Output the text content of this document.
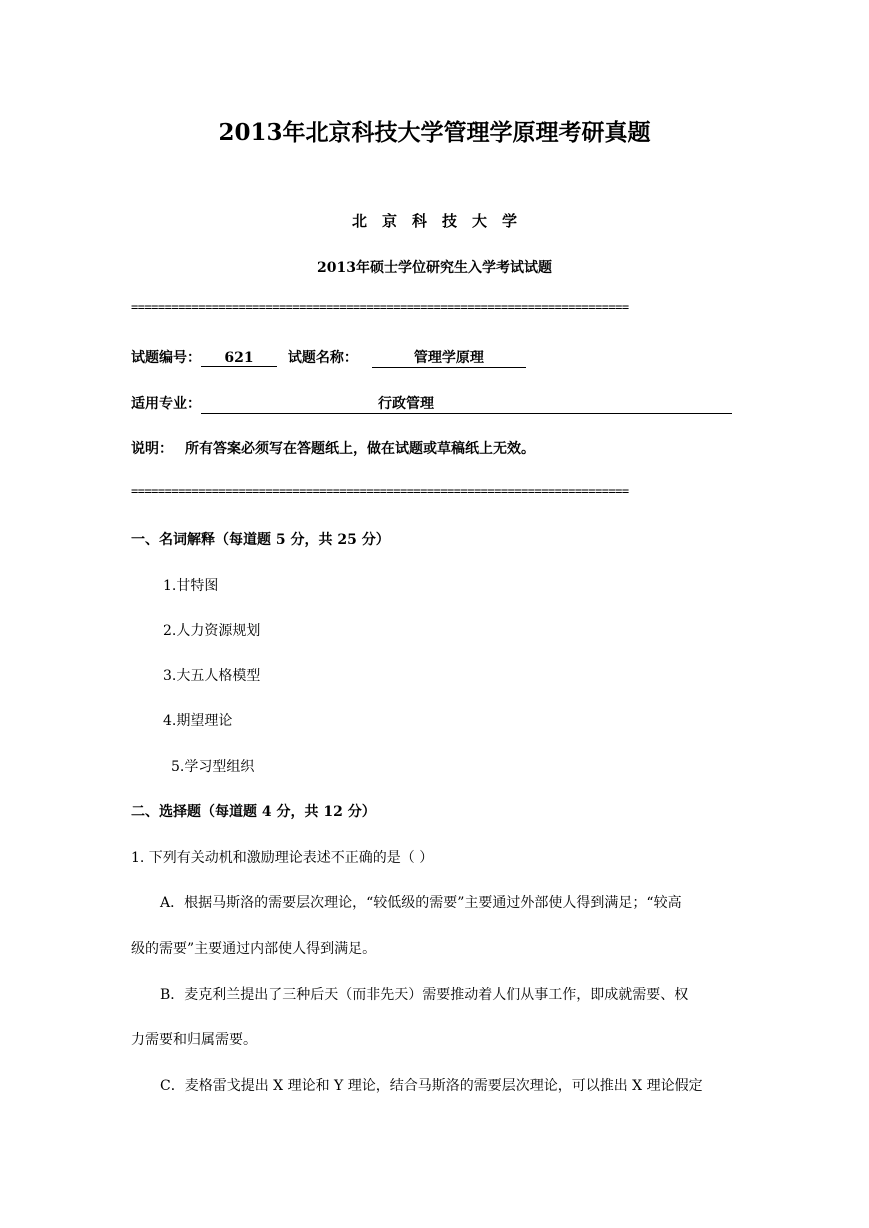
2013年北京科技大学管理学原理考研真题
北京科技大学
2013年硕士学位研究生入学考试试题
==========================================================================
试题编号： 621 试题名称：	管理学原理
适用专业：	行政管理
说明： 所有答案必须写在答题纸上，做在试题或草稿纸上无效。
==========================================================================
一、名词解释（每道题 5 分，共 25 分）
1.甘特图
2.人力资源规划
3.大五人格模型
4.期望理论
5.学习型组织
二、选择题（每道题 4 分，共 12 分）
1. 下列有关动机和激励理论表述不正确的是（ ）
A．根据马斯洛的需要层次理论，“较低级的需要”主要通过外部使人得到满足；“较高
级的需要”主要通过内部使人得到满足。
B．麦克利兰提出了三种后天（而非先天）需要推动着人们从事工作，即成就需要、权
力需要和归属需要。
C．麦格雷戈提出 X 理论和 Y 理论，结合马斯洛的需要层次理论，可以推出 X 理论假定
